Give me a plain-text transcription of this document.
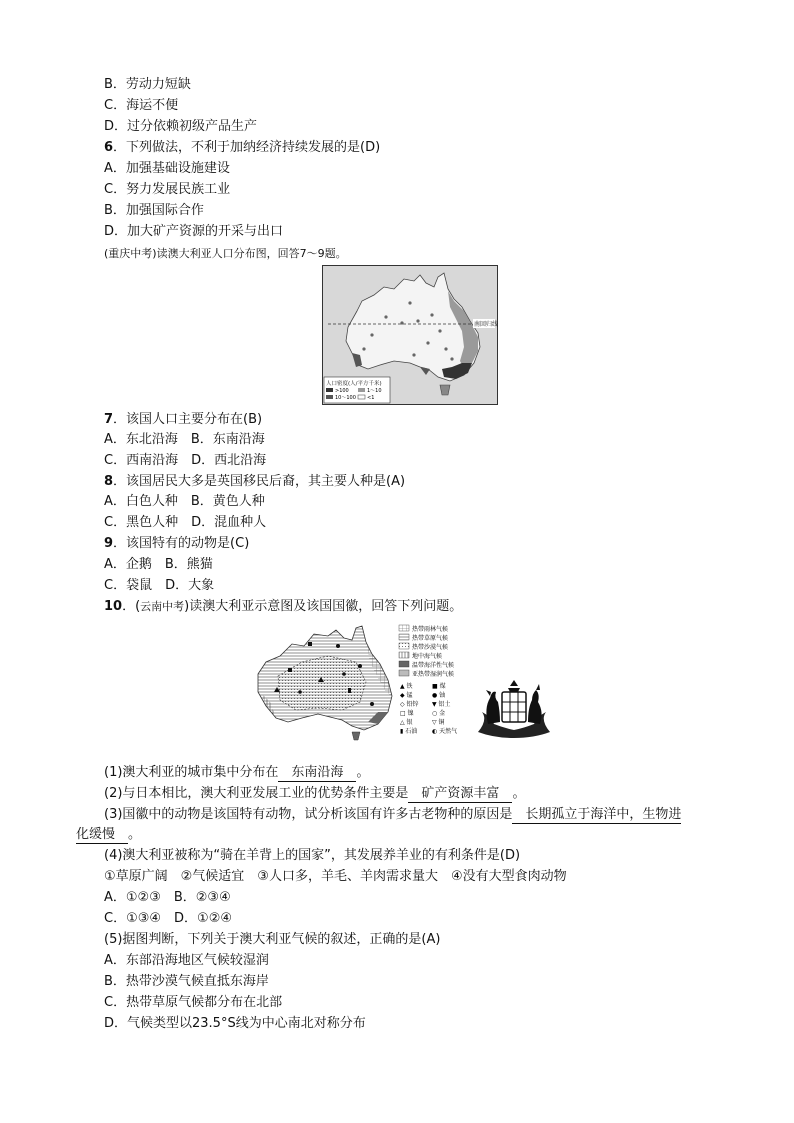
B．劳动力短缺
C．海运不便
D．过分依赖初级产品生产
6．下列做法，不利于加纳经济持续发展的是(D)
A．加强基础设施建设
C．努力发展民族工业
B．加强国际合作
D．加大矿产资源的开采与出口
(重庆中考)读澳大利亚人口分布图，回答7～9题。
南回归线
人口密度(人/平方千米)
>100	1～10
10～100 <1
7．该国人口主要分布在(B)
A．东北沿海　B．东南沿海
C．西南沿海　D．西北沿海
8．该国居民大多是英国移民后裔，其主要人种是(A)
A．白色人种　B．黄色人种
C．黑色人种　D．混血种人
9．该国特有的动物是(C)
A．企鹅　B．熊猫
C．袋鼠　D．大象
10．(云南中考)读澳大利亚示意图及该国国徽，回答下列问题。
热带雨林气候
热带草原气候
热带沙漠气候
地中海气候
温带海洋性气候
亚热带湿润气候
▲ 铁	■ 煤
◆ 锰	● 铀
◇ 铅锌 ▼ 铝土
□ 镍	○ 金
△ 银	▽ 铜
▮ 石油 ◐ 天然气
(1)澳大利亚的城市集中分布在　东南沿海　。
(2)与日本相比，澳大利亚发展工业的优势条件主要是　矿产资源丰富　。
(3)国徽中的动物是该国特有动物，试分析该国有许多古老物种的原因是　长期孤立于海洋中，生物进
化缓慢　。
(4)澳大利亚被称为“骑在羊背上的国家”，其发展养羊业的有利条件是(D)
①草原广阔　②气候适宜　③人口多，羊毛、羊肉需求量大　④没有大型食肉动物
A．①②③　B．②③④
C．①③④　D．①②④
(5)据图判断，下列关于澳大利亚气候的叙述，正确的是(A)
A．东部沿海地区气候较湿润
B．热带沙漠气候直抵东海岸
C．热带草原气候都分布在北部
D．气候类型以23.5°S线为中心南北对称分布
